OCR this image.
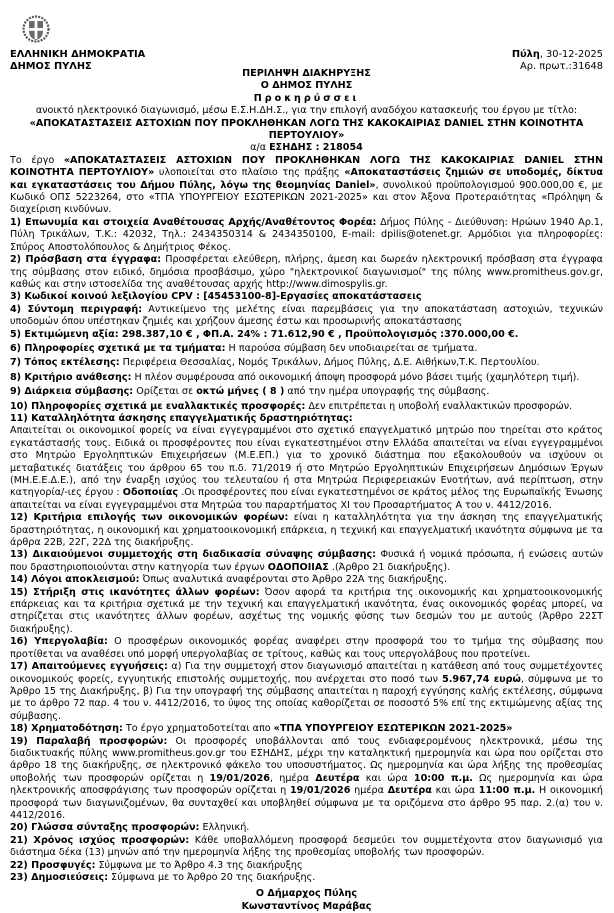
ΕΛΛΗΝΙΚΗ ΔΗΜΟΚΡΑΤΙΑ
ΔΗΜΟΣ ΠΥΛΗΣ
Πύλη, 30-12-2025
Αρ. πρωτ.:31648
ΠΕΡΙΛΗΨΗ ΔΙΑΚΗΡΥΞΗΣ
Ο ΔΗΜΟΣ ΠΥΛΗΣ
Προκηρύσσει
ανοικτό ηλεκτρονικό διαγωνισμό, μέσω Ε.Σ.Η.ΔΗ.Σ., για την επιλογή αναδόχου κατασκευής του έργου με τίτλο:
«ΑΠΟΚΑΤΑΣΤΑΣΕΙΣ ΑΣΤΟΧΙΩΝ ΠΟΥ ΠΡΟΚΛΗΘΗΚΑΝ ΛΟΓΩ ΤΗΣ ΚΑΚΟΚΑΙΡΙΑΣ DANIEL ΣΤΗΝ ΚΟΙΝΟΤΗΤΑ ΠΕΡΤΟΥΛΙΟΥ»
α/α ΕΣΗΔΗΣ : 218054

Το έργο «ΑΠΟΚΑΤΑΣΤΑΣΕΙΣ ΑΣΤΟΧΙΩΝ ΠΟΥ ΠΡΟΚΛΗΘΗΚΑΝ ΛΟΓΩ ΤΗΣ ΚΑΚΟΚΑΙΡΙΑΣ DANIEL ΣΤΗΝ ΚΟΙΝΟΤΗΤΑ ΠΕΡΤΟΥΛΙΟΥ» υλοποιείται στο πλαίσιο της πράξης «Αποκαταστάσεις ζημιών σε υποδομές, δίκτυα και εγκαταστάσεις του Δήμου Πύλης, λόγω της θεομηνίας Daniel», συνολικού προϋπολογισμού 900.000,00 €, με Κωδικό ΟΠΣ 5223264, στο «ΤΠΑ ΥΠΟΥΡΓΕΙΟΥ ΕΣΩΤΕΡΙΚΩΝ 2021-2025» και στον Άξονα Προτεραιότητας «Πρόληψη & διαχείριση κινδύνων.

1) Επωνυμία και στοιχεία Αναθέτουσας Αρχής/Αναθέτοντος Φορέα: Δήμος Πύλης - Διεύθυνση: Ηρώων 1940 Αρ.1, Πύλη Τρικάλων, Τ.Κ.: 42032, Τηλ.: 2434350314 & 2434350100, E-mail: dpilis@otenet.gr. Αρμόδιοι για πληροφορίες: Σπύρος Αποστολόπουλος & Δημήτριος Φέκος.

2) Πρόσβαση στα έγγραφα: Προσφέρεται ελεύθερη, πλήρης, άμεση και δωρεάν ηλεκτρονική πρόσβαση στα έγγραφα της σύμβασης στον ειδικό, δημόσια προσβάσιμο, χώρο "ηλεκτρονικοί διαγωνισμοί" της πύλης www.promitheus.gov.gr, καθώς και στην ιστοσελίδα της αναθέτουσας αρχής http://www.dimospylis.gr.

3) Κωδικοί κοινού λεξιλογίου CPV : [45453100-8]-Εργασίες αποκατάστασεις

4) Σύντομη περιγραφή: Αντικείμενο της μελέτης είναι παρεμβάσεις για την αποκατάσταση αστοχιών, τεχνικών υποδομών όπου υπέστηκαν ζημιές και χρήζουν άμεσης έστω και προσωρινής αποκατάστασης

5) Εκτιμώμενη αξία: 298.387,10 € , ΦΠ.Α. 24% : 71.612,90 € , Προϋπολογισμός :370.000,00 €.

6) Πληροφορίες σχετικά με τα τμήματα: Η παρούσα σύμβαση δεν υποδιαιρείται σε τμήματα.

7) Τόπος εκτέλεσης: Περιφέρεια Θεσσαλίας, Νομός Τρικάλων, Δήμος Πύλης, Δ.Ε. Αιθήκων,Τ.Κ. Περτουλίου.

8) Κριτήριο ανάθεσης: Η πλέον συμφέρουσα από οικονομική άποψη προσφορά μόνο βάσει τιμής (χαμηλότερη τιμή).

9) Διάρκεια σύμβασης: Ορίζεται σε οκτώ μήνες ( 8 ) από την ημέρα υπογραφής της σύμβασης.

10) Πληροφορίες σχετικά με εναλλακτικές προσφορές: Δεν επιτρέπεται η υποβολή εναλλακτικών προσφορών.

11) Καταλληλότητα άσκησης επαγγελματικής δραστηριότητας:
Απαιτείται οι οικονομικοί φορείς να είναι εγγεγραμμένοι στο σχετικό επαγγελματικό μητρώο που τηρείται στο κράτος εγκατάστασής τους. Ειδικά οι προσφέροντες που είναι εγκατεστημένοι στην Ελλάδα απαιτείται να είναι εγγεγραμμένοι στο Μητρώο Εργοληπτικών Επιχειρήσεων (Μ.Ε.ΕΠ.) για το χρονικό διάστημα που εξακολουθούν να ισχύουν οι μεταβατικές διατάξεις του άρθρου 65 του π.δ. 71/2019 ή στο Μητρώο Εργοληπτικών Επιχειρήσεων Δημόσιων Έργων (ΜΗ.Ε.Ε.Δ.Ε.), από την έναρξη ισχύος του τελευταίου ή στα Μητρώα Περιφερειακών Ενοτήτων, ανά περίπτωση, στην κατηγορία/-ιες έργου : Οδοποιίας .Οι προσφέροντες που είναι εγκατεστημένοι σε κράτος μέλος της Ευρωπαϊκής Ένωσης απαιτείται να είναι εγγεγραμμένοι στα Μητρώα του παραρτήματος XI του Προσαρτήματος Α του ν. 4412/2016.

12) Κριτήρια επιλογής των οικονομικών φορέων: είναι η καταλληλότητα για την άσκηση της επαγγελματικής δραστηριότητας, η οικονομική και χρηματοοικονομική επάρκεια, η τεχνική και επαγγελματική ικανότητα σύμφωνα με τα άρθρα 22Β, 22Γ, 22Δ της διακήρυξης.

13) Δικαιούμενοι συμμετοχής στη διαδικασία σύναψης σύμβασης: Φυσικά ή νομικά πρόσωπα, ή ενώσεις αυτών που δραστηριοποιούνται στην κατηγορία των έργων ΟΔΟΠΟΙΙΑΣ .(Άρθρο 21 διακήρυξης).

14) Λόγοι αποκλεισμού: Όπως αναλυτικά αναφέρονται στο Άρθρο 22Α της διακήρυξης.

15) Στήριξη στις ικανότητες άλλων φορέων: Όσον αφορά τα κριτήρια της οικονομικής και χρηματοοικονομικής επάρκειας και τα κριτήρια σχετικά με την τεχνική και επαγγελματική ικανότητα, ένας οικονομικός φορέας μπορεί, να στηρίζεται στις ικανότητες άλλων φορέων, ασχέτως της νομικής φύσης των δεσμών του με αυτούς (Άρθρο 22ΣΤ διακήρυξης).

16) Υπεργολαβία: Ο προσφέρων οικονομικός φορέας αναφέρει στην προσφορά του το τμήμα της σύμβασης που προτίθεται να αναθέσει υπό μορφή υπεργολαβίας σε τρίτους, καθώς και τους υπεργολάβους που προτείνει.

17) Απαιτούμενες εγγυήσεις: α) Για την συμμετοχή στον διαγωνισμό απαιτείται η κατάθεση από τους συμμετέχοντες οικονομικούς φορείς, εγγυητικής επιστολής συμμετοχής, που ανέρχεται στο ποσό των 5.967,74 ευρώ, σύμφωνα με το Άρθρο 15 της Διακήρυξης, β) Για την υπογραφή της σύμβασης απαιτείται η παροχή εγγύησης καλής εκτέλεσης, σύμφωνα με το άρθρο 72 παρ. 4 του ν. 4412/2016, το ύψος της οποίας καθορίζεται σε ποσοστό 5% επί της εκτιμώμενης αξίας της σύμβασης.

18) Χρηματοδότηση: Το έργο χρηματοδοτείται απο «ΤΠΑ ΥΠΟΥΡΓΕΙΟΥ ΕΣΩΤΕΡΙΚΩΝ 2021-2025»

19) Παραλαβή προσφορών: Οι προσφορές υποβάλλονται από τους ενδιαφερομένους ηλεκτρονικά, μέσω της διαδικτυακής πύλης www.promitheus.gov.gr του ΕΣΗΔΗΣ, μέχρι την καταληκτική ημερομηνία και ώρα που ορίζεται στο άρθρο 18 της διακήρυξης, σε ηλεκτρονικό φάκελο του υποσυστήματος. Ως ημερομηνία και ώρα λήξης της προθεσμίας υποβολής των προσφορών ορίζεται η 19/01/2026, ημέρα Δευτέρα και ώρα 10:00 π.μ. Ως ημερομηνία και ώρα ηλεκτρονικής αποσφράγισης των προσφορών ορίζεται η 19/01/2026 ημέρα Δευτέρα και ώρα 11:00 π.μ. Η οικονομική προσφορά των διαγωνιζομένων, θα συνταχθεί και υποβληθεί σύμφωνα με τα οριζόμενα στο άρθρο 95 παρ. 2.(α) του ν. 4412/2016.

20) Γλώσσα σύνταξης προσφορών: Ελληνική.

21) Χρόνος ισχύος προσφορών: Κάθε υποβαλλόμενη προσφορά δεσμεύει τον συμμετέχοντα στον διαγωνισμό για διάστημα δέκα (13) μηνών από την ημερομηνία λήξης της προθεσμίας υποβολής των προσφορών.

22) Προσφυγές: Σύμφωνα με το Άρθρο 4.3 της διακήρυξης

23) Δημοσιεύσεις: Σύμφωνα με το Άρθρο 20 της διακήρυξης.

Ο Δήμαρχος Πύλης
Κωνσταντίνος Μαράβας
